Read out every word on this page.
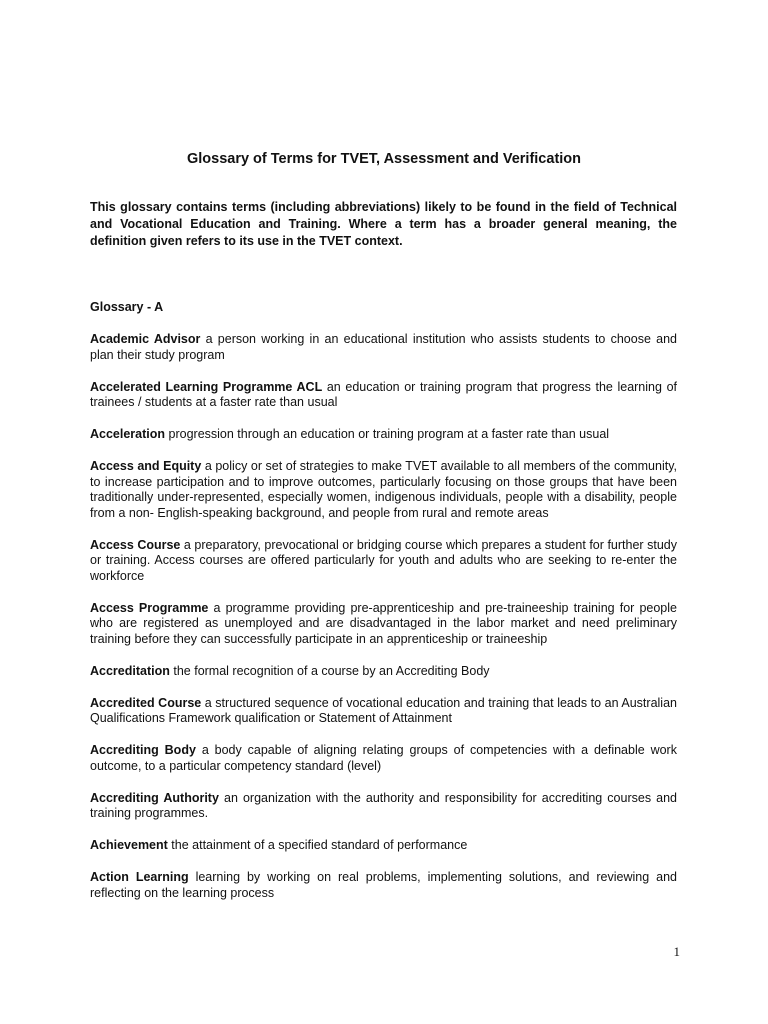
Glossary of Terms for TVET, Assessment and Verification
This glossary contains terms (including abbreviations) likely to be found in the field of Technical and Vocational Education and Training. Where a term has a broader general meaning, the definition given refers to its use in the TVET context.
Glossary - A

Academic Advisor a person working in an educational institution who assists students to choose and plan their study program

Accelerated Learning Programme ACL an education or training program that progress the learning of trainees / students at a faster rate than usual

Acceleration progression through an education or training program at a faster rate than usual

Access and Equity a policy or set of strategies to make TVET available to all members of the community, to increase participation and to improve outcomes, particularly focusing on those groups that have been traditionally under-represented, especially women, indigenous individuals, people with a disability, people from a non- English-speaking background, and people from rural and remote areas

Access Course a preparatory, prevocational or bridging course which prepares a student for further study or training. Access courses are offered particularly for youth and adults who are seeking to re-enter the workforce

Access Programme a programme providing pre-apprenticeship and pre-traineeship training for people who are registered as unemployed and are disadvantaged in the labor market and need preliminary training before they can successfully participate in an apprenticeship or traineeship

Accreditation the formal recognition of a course by an Accrediting Body

Accredited Course a structured sequence of vocational education and training that leads to an Australian Qualifications Framework qualification or Statement of Attainment

Accrediting Body a body capable of aligning relating groups of competencies with a definable work outcome, to a particular competency standard (level)

Accrediting Authority an organization with the authority and responsibility for accrediting courses and training programmes.

Achievement the attainment of a specified standard of performance

Action Learning learning by working on real problems, implementing solutions, and reviewing and reflecting on the learning process

1
